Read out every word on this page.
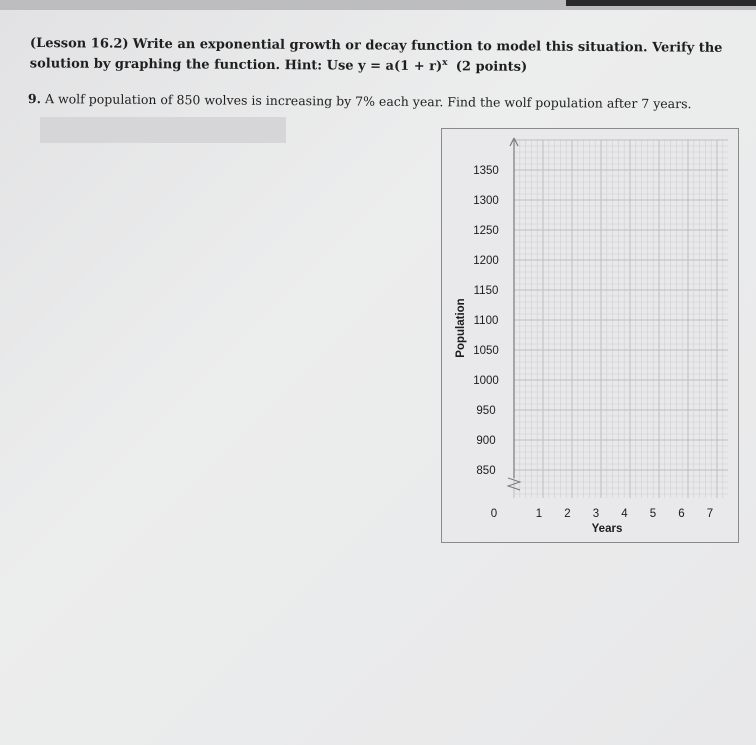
(Lesson 16.2) Write an exponential growth or decay function to model this situation. Verify the solution by graphing the function. Hint: Use $y = a(1 + r)^x$ (2 points)
9. A wolf population of 850 wolves is increasing by 7% each year. Find the wolf population after 7 years.
850
900
950
1000
1050
1100
1150
1200
1250
1300
1350
0	1 2 3 4 5 6 7
Years
Population
